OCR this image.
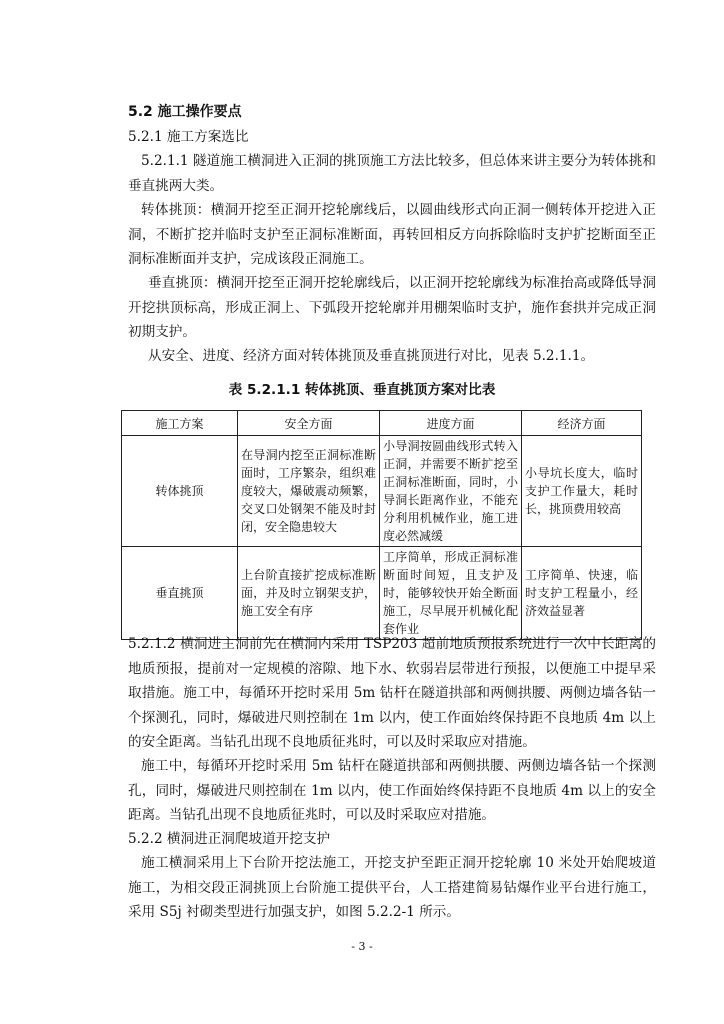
5.2 施工操作要点

5.2.1 施工方案选比

5.2.1.1 隧道施工横洞进入正洞的挑顶施工方法比较多，但总体来讲主要分为转体挑和垂直挑两大类。

转体挑顶：横洞开挖至正洞开挖轮廓线后，以圆曲线形式向正洞一侧转体开挖进入正洞，不断扩挖并临时支护至正洞标准断面，再转回相反方向拆除临时支护扩挖断面至正洞标准断面并支护，完成该段正洞施工。

垂直挑顶：横洞开挖至正洞开挖轮廓线后，以正洞开挖轮廓线为标准抬高或降低导洞开挖拱顶标高，形成正洞上、下弧段开挖轮廓并用棚架临时支护，施作套拱并完成正洞初期支护。

从安全、进度、经济方面对转体挑顶及垂直挑顶进行对比，见表 5.2.1.1。

表 5.2.1.1 转体挑顶、垂直挑顶方案对比表

施工方案	安全方面	进度方面	经济方面
转体挑顶	在导洞内挖至正洞标准断面时，工序繁杂，组织难度较大，爆破震动频繁，交叉口处钢架不能及时封闭，安全隐患较大	小导洞按圆曲线形式转入正洞，并需要不断扩挖至正洞标准断面，同时，小导洞长距离作业，不能充分利用机械作业，施工进度必然减缓	小导坑长度大，临时支护工作量大，耗时长，挑顶费用较高
垂直挑顶	上台阶直接扩挖成标准断面，并及时立钢架支护，施工安全有序	工序简单，形成正洞标准断面时间短，且支护及时，能够较快开始全断面施工，尽早展开机械化配套作业	工序简单、快速，临时支护工程量小，经济效益显著

5.2.1.2 横洞进主洞前先在横洞内采用 TSP203 超前地质预报系统进行一次中长距离的地质预报，提前对一定规模的溶隙、地下水、软弱岩层带进行预报，以便施工中提早采取措施。施工中，每循环开挖时采用 5m 钻杆在隧道拱部和两侧拱腰、两侧边墙各钻一个探测孔，同时，爆破进尺则控制在 1m 以内，使工作面始终保持距不良地质 4m 以上的安全距离。当钻孔出现不良地质征兆时，可以及时采取应对措施。

施工中，每循环开挖时采用 5m 钻杆在隧道拱部和两侧拱腰、两侧边墙各钻一个探测孔，同时，爆破进尺则控制在 1m 以内，使工作面始终保持距不良地质 4m 以上的安全距离。当钻孔出现不良地质征兆时，可以及时采取应对措施。

5.2.2 横洞进正洞爬坡道开挖支护

施工横洞采用上下台阶开挖法施工，开挖支护至距正洞开挖轮廓 10 米处开始爬坡道施工，为相交段正洞挑顶上台阶施工提供平台，人工搭建简易钻爆作业平台进行施工，采用 S5j 衬砌类型进行加强支护，如图 5.2.2-1 所示。

- 3 -
